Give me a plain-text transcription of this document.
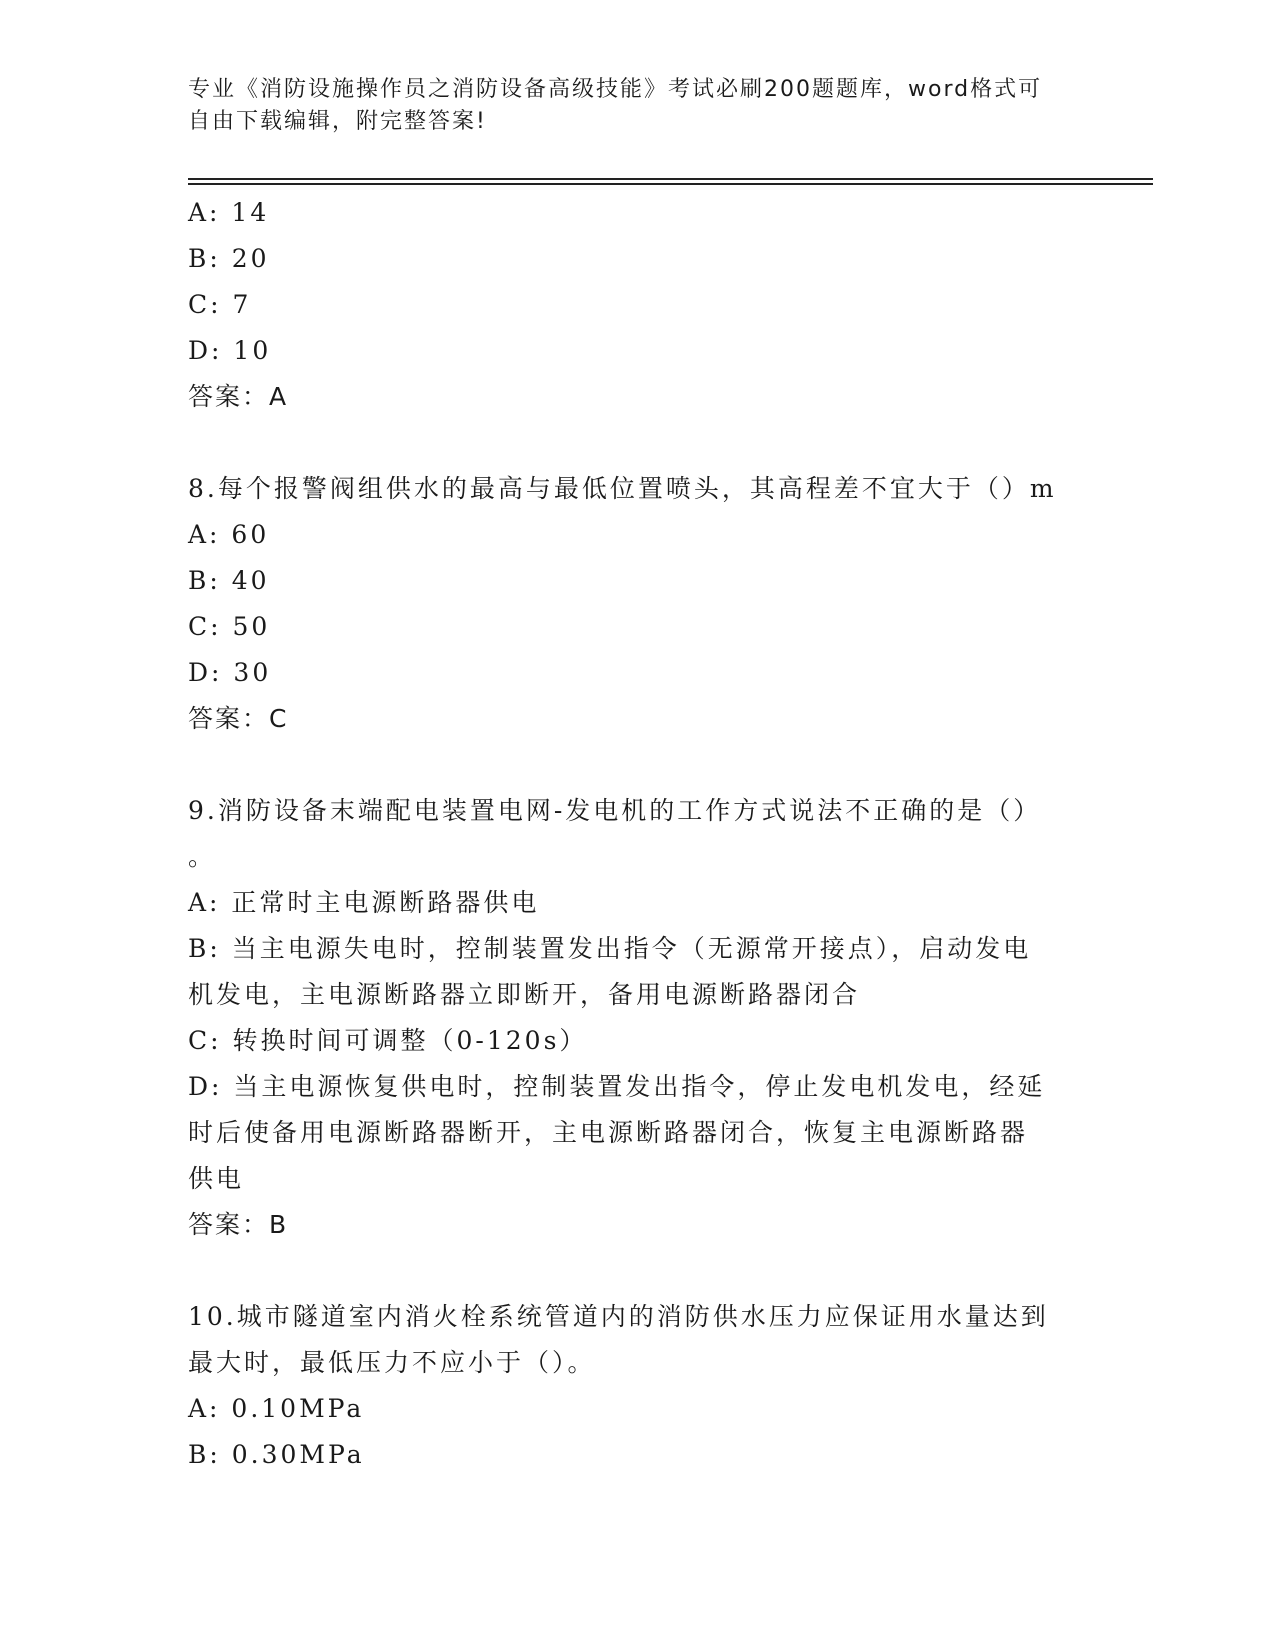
专业《消防设施操作员之消防设备高级技能》考试必刷200题题库，word格式可
自由下载编辑，附完整答案!
A: 14
B: 20
C: 7
D: 10
答案：A
8.每个报警阀组供水的最高与最低位置喷头，其高程差不宜大于（）m
A: 60
B: 40
C: 50
D: 30
答案：C
9.消防设备末端配电装置电网-发电机的工作方式说法不正确的是（）
。
A: 正常时主电源断路器供电
B: 当主电源失电时，控制装置发出指令（无源常开接点），启动发电
机发电，主电源断路器立即断开，备用电源断路器闭合
C: 转换时间可调整（0-120s）
D: 当主电源恢复供电时，控制装置发出指令，停止发电机发电，经延
时后使备用电源断路器断开，主电源断路器闭合，恢复主电源断路器
供电
答案：B
10.城市隧道室内消火栓系统管道内的消防供水压力应保证用水量达到
最大时，最低压力不应小于（）。
A: 0.10MPa
B: 0.30MPa
